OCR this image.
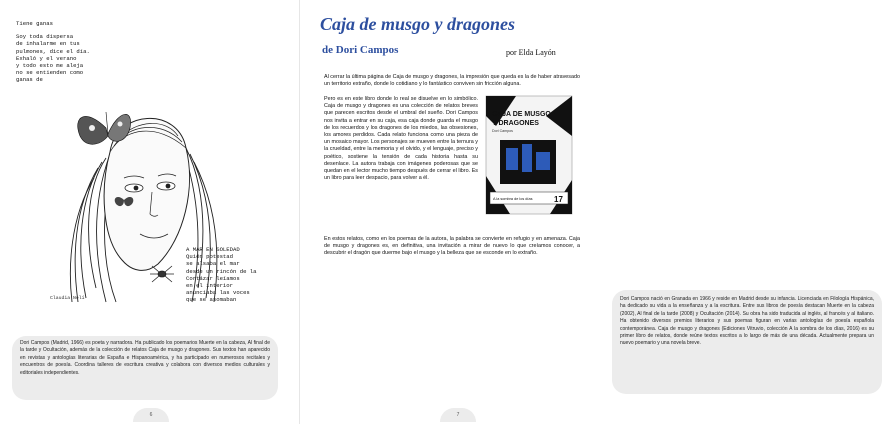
Tiene ganas
Soy toda dispersa
de inhalarme en tus
pulmones, dice el día.
Exhaló y el verano
y todo esto me aleja
no se entienden como
ganas de
Claudia Nelí
A MAR EN SOLEDAD
Quién potestad
se alsaba el mar
desde un rincón de la
Cortázar leíamos
en el interior
anunciaba las voces
que se asomaban
Dori Campos (Madrid, 1966) es poeta y narradora. Ha publicado los poemarios Muerte en la cabeza, Al final de la tarde y Ocultación, además de la colección de relatos Caja de musgo y dragones. Sus textos han aparecido en revistas y antologías literarias de España e Hispanoamérica, y ha participado en numerosos recitales y encuentros de poesía. Coordina talleres de escritura creativa y colabora con diversos medios culturales y editoriales independientes.
6
Caja de musgo y dragones
de Dori Campos	por Elda Layón
Al cerrar la última página de Caja de musgo y dragones, la impresión que queda es la de haber atravesado un territorio extraño, donde lo cotidiano y lo fantástico conviven sin fricción alguna.
Pero es en este libro donde lo real se disuelve en lo simbólico. Caja de musgo y dragones es una colección de relatos breves que parecen escritos desde el umbral del sueño. Dori Campos nos invita a entrar en su caja, esa caja donde guarda el musgo de los recuerdos y los dragones de los miedos, las obsesiones, los amores perdidos. Cada relato funciona como una pieza de un mosaico mayor. Los personajes se mueven entre la ternura y la crueldad, entre la memoria y el olvido, y el lenguaje, preciso y poético, sostiene la tensión de cada historia hasta su desenlace. La autora trabaja con imágenes poderosas que se quedan en el lector mucho tiempo después de cerrar el libro. Es un libro para leer despacio, para volver a él.
CAJA DE MUSGO
Y DRAGONES
Dori Campos
A la sombra de los días	17
En estos relatos, como en los poemas de la autora, la palabra se convierte en refugio y en amenaza. Caja de musgo y dragones es, en definitiva, una invitación a mirar de nuevo lo que creíamos conocer, a descubrir el dragón que duerme bajo el musgo y la belleza que se esconde en lo extraño.
Dori Campos nació en Granada en 1966 y reside en Madrid desde su infancia. Licenciada en Filología Hispánica, ha dedicado su vida a la enseñanza y a la escritura. Entre sus libros de poesía destacan Muerte en la cabeza (2002), Al final de la tarde (2008) y Ocultación (2014). Su obra ha sido traducida al inglés, al francés y al italiano. Ha obtenido diversos premios literarios y sus poemas figuran en varias antologías de poesía española contemporánea. Caja de musgo y dragones (Ediciones Vitruvio, colección A la sombra de los días, 2016) es su primer libro de relatos, donde reúne textos escritos a lo largo de más de una década. Actualmente prepara un nuevo poemario y una novela breve.
7
